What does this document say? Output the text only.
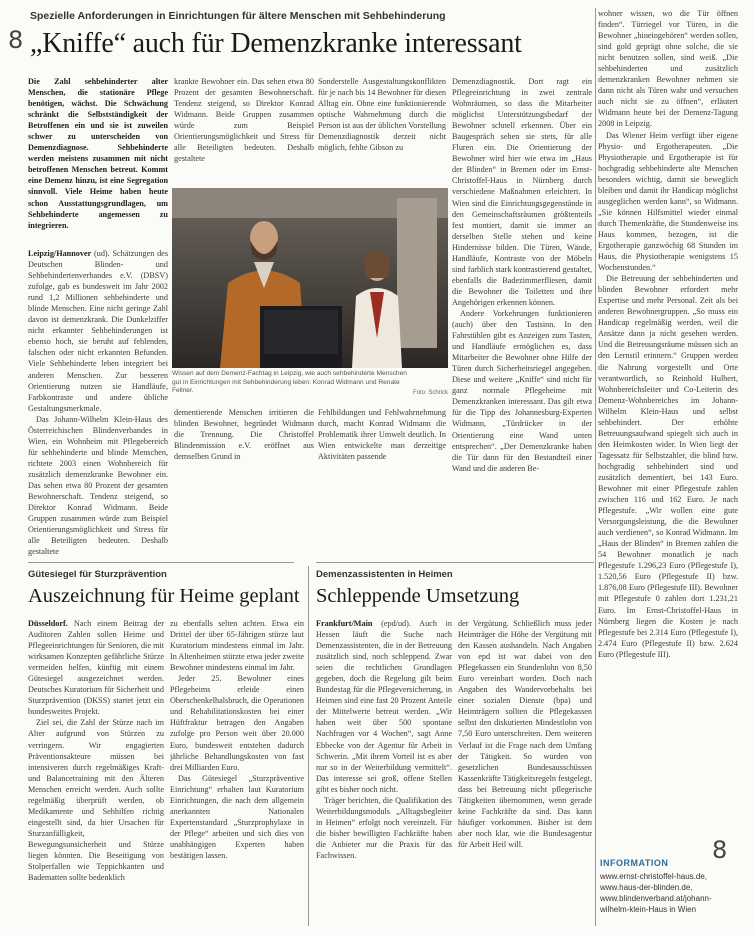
Spezielle Anforderungen in Einrichtungen für ältere Menschen mit Sehbehinderung
8 „Kniffe“ auch für Demenzkranke interessant

Die Zahl sehbehinderter alter Menschen, die stationäre Pflege benötigen, wächst. Die Schwächung schränkt die Selbstständigkeit der Betroffenen ein und sie ist zuweilen schwer zu unterscheiden von Demenzdiagnose. Sehbehinderte werden meistens zusammen mit nicht betroffenen Menschen betreut. Kommt eine Demenz hinzu, ist eine Segregation sinnvoll. Viele Heime haben heute schon Ausstattungsgrundlagen, um Sehbehinderte angemessen zu integrieren.

Leipzig/Hannover (ud). Schätzungen des Deutschen Blinden- und Sehbehindertenverbandes e.V. (DBSV) zufolge, gab es bundesweit im Jahr 2002 rund 1,2 Millionen sehbehinderte und blinde Menschen. Eine nicht geringe Zahl davon ist demenzkrank. Die Dunkelziffer nicht erkannter Sehbehinderungen ist ebenso hoch, sie beruht auf fehlenden, falschen oder nicht erkannten Befunden. Viele Sehbehinderte leben integriert bei anderen Menschen. Zur besseren Orientierung nutzen sie Handläufe, Farbkontraste und andere übliche Gestaltungsmerkmale.

Das Johann-Wilhelm Klein-Haus des Österreichischen Blindenverbandes in Wien, ein Wohnheim mit Pflegebereich für sehbehinderte und blinde Menschen, richtete 2003 einen Wohnbereich für zusätzlich demenzkranke Bewohner ein. Das sehen etwa 80 Prozent der gesamten Bewohnerschaft. Tendenz steigend, so Direktor Konrad Widmann. Beide Gruppen zusammen würde zum Beispiel Orientierungsmöglichkeit und Stress für alle Beteiligten bedeuten. Deshalb gestaltete

krankte Bewohner ein. Das sehen etwa 80 Prozent der gesamten Bewohnerschaft. Tendenz steigend, so Direktor Konrad Widmann. Beide Gruppen zusammen würde zum Beispiel Orientierungsmöglichkeit und Stress für alle Beteiligten bedeuten. Deshalb gestaltete

Sonderstelle Ausgestaltungskonflikten für je nach bis 14 Bewohner für diesen Alltag ein. Ohne eine funktionierende optische Wahrnehmung durch die Person ist aus der üblichen Vorstellung Demenzdiagnostik derzeit nicht möglich, fehlte Gibson zu

Wissen auf dem Demenz-Fachtag in Leipzig, wie auch sehbehinderte Menschen gut in Einrichtungen mit Sehbehinderung leben: Konrad Widmann und Renate Fellner.	Foto: Schrick

dementierende Menschen irritieren die blinden Bewohner, begründet Widmann die Trennung. Die Christoffel Blindenmission e.V. eröffnet aus demselben Grund in

Fehlbildungen und Fehlwahrnehmung durch, macht Konrad Widmann die Problematik ihrer Umwelt deutlich. In Wien entwickelte man derzeitige Aktivitäten passende

Demenzdiagnostik. Dort ragt ein Pflegeeinrichtung in zwei zentrale Wohnräumen, so dass die Mitarbeiter möglichst Unterstützungsbedarf der Bewohner schnell erkennen. Über ein Baugespräch sehen sie stets, für alle Fluren ein. Die Orientierung der Bewohner wird hier wie etwa im „Haus der Blinden“ in Bremen oder im Ernst-Christoffel-Haus in Nürnberg durch verschiedene Maßnahmen erleichtert. In Wien sind die Einrichtungsgegenstände in den Gemeinschaftsräumen größtenteils fest montiert, damit sie immer an derselben Stelle stehen und keine Hindernisse bilden. Die Türen, Wände, Handläufe, Kontraste von der Möbeln sind farblich stark kontrastierend gestaltet, ebenfalls die Badezimmerfliesen, damit die Bewohner die Toiletten und ihre Angehörigen erkennen können.

Andere Vorkehrungen funktionieren (auch) über den Tastsinn. In den Fahrstühlen gibt es Anzeigen zum Tasten, und Handläufe ermöglichen es, dass Mitarbeiter die Bewohner ohne Hilfe der Türen durch Sicherheitsriegel angegeben. Diese und weitere „Kniffe“ sind nicht für ganz normale Pflegeheime mit Demenzkranken interessant. Das gilt etwa für die Tipp des Johannesburg-Experten Widmann, „Türdrücker in der Orientierung eine Wand unten entsprechen“. „Der Demenzkranke haben die Tür dann für den Bestandteil einer Wand und die anderen Be-

wohner wissen, wo die Tür öffnen finden“. Türriegel vor Türen, in die Bewohner „hineingehören“ werden sollen, sind gold geprägt ohne solche, die sie nicht benutzen sollen, sind weiß. „Die sehbehinderten und zusätzlich demenzkranken Bewohner nehmen sie dann nicht als Türen wahr und versuchen auch nicht sie zu öffnen“, erläutert Widmann heute bei der Demenz-Tagung 2008 in Leipzig.

Das Wiener Heim verfügt über eigene Physio- und Ergotherapeuten. „Die Physiotherapie und Ergotherapie ist für hochgradig sehbehinderte alte Menschen besonders wichtig, damit sie beweglich bleiben und damit ihr Handicap möglichst ausgeglichen werden kann“, so Widmann. „Sie können Hilfsmittel wieder einmal durch Themenkräfte, die Stundenweise ins Haus kommen, bezogen, ist die Ergotherapie ganzwöchig 68 Stunden im Haus, die Physiotherapie wenigstens 15 Wochenstunden.“

Die Betreuung der sehbehinderten und blinden Bewohner erfordert mehr Expertise und mehr Personal. Zeit als bei anderen Bewohnergruppen. „So muss ein Handicap regelmäßig werden, weil die Ansätze dann ja nicht gesehen werden. Und die Betreuungsräume müssen sich an den Lernstil erinnern.“ Gruppen werden die Nahrung vorgestellt und Orte verantwortlich, so Reinhold Hulbert, Wohnbereichsleiter und Co-Leiterin des Demenz-Wohnbereiches im Johann-Wilhelm Klein-Haus und selbst sehbehindert. Der erhöhte Betreuungsaufwand spiegelt sich auch in den Heimkosten wider. In Wien liegt der Tagessatz für Selbstzahler, die blind bzw. hochgradig sehbehindert sind und zusätzlich dementiert, bei 143 Euro. Bewohner mit einer Pflegestufe zahlen zwischen 116 und 162 Euro. Je nach Pflegestufe. „Wir wollen eine gute Versorgungsleistung, die die Bewohner auch verdienen“, so Konrad Widmann. Im „Haus der Blinden“ in Bremen zahlen die 54 Bewohner monatlich je nach Pflegestufe 1.296,23 Euro (Pflegestufe I), 1.520,56 Euro (Pflegestufe II) bzw. 1.876,08 Euro (Pflegestufe III). Bewohner mit Pflegestufe 0 zahlen dort 1.231,21 Euro. Im Ernst-Christoffel-Haus in Nürnberg liegen die Kosten je nach Pflegestufe bei 2.314 Euro (Pflegestufe I), 2.474 Euro (Pflegestufe II) bzw. 2.624 Euro (Pflegestufe III).

Gütesiegel für Sturzprävention
Auszeichnung für Heime geplant

Düsseldorf. Nach einem Beitrag der Auditoren Zahlen sollen Heime und Pflegeeinrichtungen für Senioren, die mit wirksamen Konzepten gefährliche Stürze vermeiden helfen, künftig mit einem Gütesiegel ausgezeichnet werden. Deutsches Kuratorium für Sicherheit und Sturzprävention (DKSS) startet jetzt ein bundesweites Projekt.

Ziel sei, die Zahl der Stürze nach im Alter aufgrund von Stürzen zu verringern. Wir engagierten Präventionsakteure müssen bei intensiveren durch regelmäßiges Kraft- und Balancetraining mit den Älteren Menschen erreicht werden. Auch sollte regelmäßig überprüft werden, ob Medikamente und Sehhilfen richtig eingestellt sind, da hier Ursachen für Sturzanfälligkeit, Bewegungsunsicherheit und Stürze liegen könnten. Die Beseitigung von Stolperfallen wie Teppichkanten und Badematten sollte bedenklich

zu ebenfalls selten achten. Etwa ein Drittel der über 65-Jährigen stürze laut Kuratorium mindestens einmal im Jahr. In Altenheimen stürzte etwa jeder zweite Bewohner mindestens einmal im Jahr.

Jeder 25. Bewohner eines Pflegeheims erleide einen Oberschenkelhalsbruch, die Operationen und Rehabilitationskosten bei einer Hüftfraktur betragen den Angaben zufolge pro Person weit über 20.000 Euro, bundesweit entstehen dadurch jährliche Behandlungskosten von fast drei Milliarden Euro.

Das Gütesiegel „Sturzpräventive Einrichtung“ erhalten laut Kuratorium Einrichtungen, die nach dem allgemein anerkannten Nationalen Expertenstandard „Sturzprophylaxe in der Pflege“ arbeiten und sich dies von unabhängigen Experten haben bestätigen lassen.

Demenzassistenten in Heimen
Schleppende Umsetzung

Frankfurt/Main (epd/ud). Auch in Hessen läuft die Suche nach Demenzassistenten, die in der Betreuung zusätzlich sind, noch schleppend. Zwar seien die rechtlichen Grundlagen gegeben, doch die Regelung gilt beim Bundestag für die Pflegeversicherung, in Heimen sind eine fast 20 Prozent Anteile der Mittelwerte betreut werden. „Wir haben weit über 500 spontane Nachfragen vor 4 Wochen“, sagt Anne Ebbecke von der Agentur für Arbeit in Schwerin. „Mit ihrem Vorteil ist es aber nur so in der Weiterbildung vermittelt“. Das interesse sei groß, offene Stellen gibt es bisher noch nicht.

Träger berichten, die Qualifikation des Weiterbildungsmoduls „Alltagsbegleiter in Heimen“ erfolgt noch vereinzelt. Für die bisher bewilligten Fachkräfte haben die Anbieter nur die Praxis für das Fachwissen.

der Vergütung. Schließlich muss jeder Heimträger die Höhe der Vergütung mit den Kassen aushandeln. Nach Angaben von epd ist war dabei von den Pflegekassen ein Stundenlohn von 8,50 Euro vereinbart worden. Doch nach Angaben des Wandervorbehalts bei einer sozialen Dienste (bpa) und Heimträgern sollten die Pflegekassen selbst den diskutierten Mindestlohn von 7,50 Euro unterschreiten. Dem weiteren Verlauf ist die Frage nach dem Umfang der Tätigkeit. So wurden von gesetzlichen Bundesausschüssen Kassenkräfte Tätigkeitsregeln festgelegt, dass bei Betreuung nicht pflegerische Tätigkeiten übernommen, wenn gerade keine Fachkräfte da sind. Das kann häufiger vorkommen. Bisher ist dem aber noch klar, wie die Bundesagentur für Arbeit Heil will.	8
INFORMATION
www.ernst-christoffel-haus.de,
www.haus-der-blinden.de,
www.blindenverband.at/johann-wilhelm-klein-Haus in Wien
